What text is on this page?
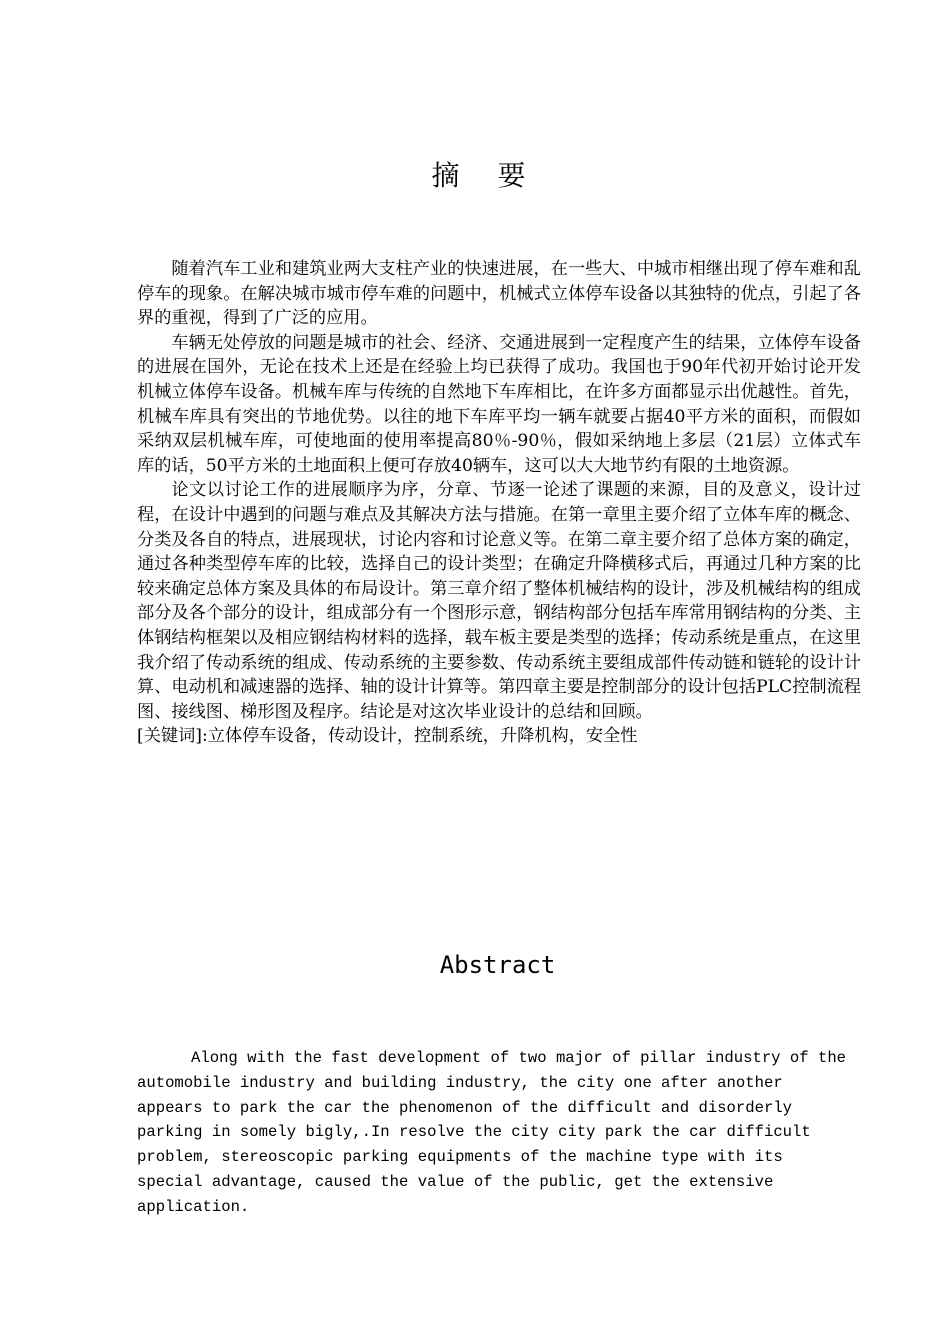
摘要

随着汽车工业和建筑业两大支柱产业的快速进展，在一些大、中城市相继出现了停车难和乱停车的现象。在解决城市城市停车难的问题中，机械式立体停车设备以其独特的优点，引起了各界的重视，得到了广泛的应用。

车辆无处停放的问题是城市的社会、经济、交通进展到一定程度产生的结果，立体停车设备的进展在国外，无论在技术上还是在经验上均已获得了成功。我国也于90年代初开始讨论开发机械立体停车设备。机械车库与传统的自然地下车库相比，在许多方面都显示出优越性。首先，机械车库具有突出的节地优势。以往的地下车库平均一辆车就要占据40平方米的面积，而假如采纳双层机械车库，可使地面的使用率提高80％-90％，假如采纳地上多层（21层）立体式车库的话，50平方米的土地面积上便可存放40辆车，这可以大大地节约有限的土地资源。

论文以讨论工作的进展顺序为序，分章、节逐一论述了课题的来源，目的及意义，设计过程，在设计中遇到的问题与难点及其解决方法与措施。在第一章里主要介绍了立体车库的概念、分类及各自的特点，进展现状，讨论内容和讨论意义等。在第二章主要介绍了总体方案的确定，通过各种类型停车库的比较，选择自己的设计类型；在确定升降横移式后，再通过几种方案的比较来确定总体方案及具体的布局设计。第三章介绍了整体机械结构的设计，涉及机械结构的组成部分及各个部分的设计，组成部分有一个图形示意，钢结构部分包括车库常用钢结构的分类、主体钢结构框架以及相应钢结构材料的选择，载车板主要是类型的选择；传动系统是重点，在这里我介绍了传动系统的组成、传动系统的主要参数、传动系统主要组成部件传动链和链轮的设计计算、电动机和减速器的选择、轴的设计计算等。第四章主要是控制部分的设计包括PLC控制流程图、接线图、梯形图及程序。结论是对这次毕业设计的总结和回顾。

[关键词]:立体停车设备，传动设计，控制系统，升降机构，安全性

Abstract

Along with the fast development of two major of pillar industry of the automobile industry and building industry, the city one after another appears to park the car the phenomenon of the difficult and disorderly parking in somely bigly,.In resolve the city city park the car difficult problem, stereoscopic parking equipments of the machine type with its special advantage, caused the value of the public, get the extensive application.
